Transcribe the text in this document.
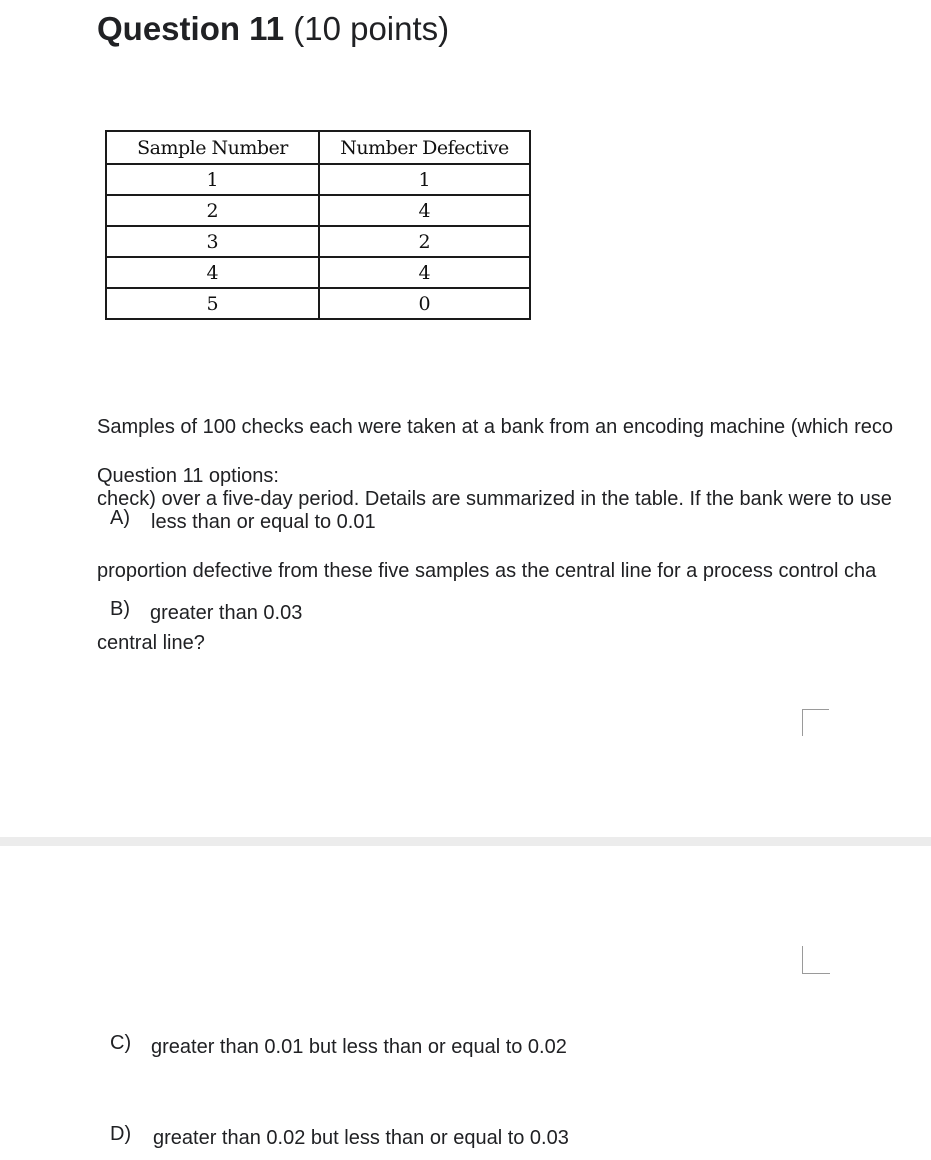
Question 11 (10 points)
Sample Number	Number Defective
1	1
2	4
3	2
4	4
5	0

Samples of 100 checks each were taken at a bank from an encoding machine (which reco

check) over a five-day period. Details are summarized in the table. If the bank were to use

proportion defective from these five samples as the central line for a process control cha

central line?

Question 11 options:

A) less than or equal to 0.01
B) greater than 0.03
C) greater than 0.01 but less than or equal to 0.02
D) greater than 0.02 but less than or equal to 0.03
